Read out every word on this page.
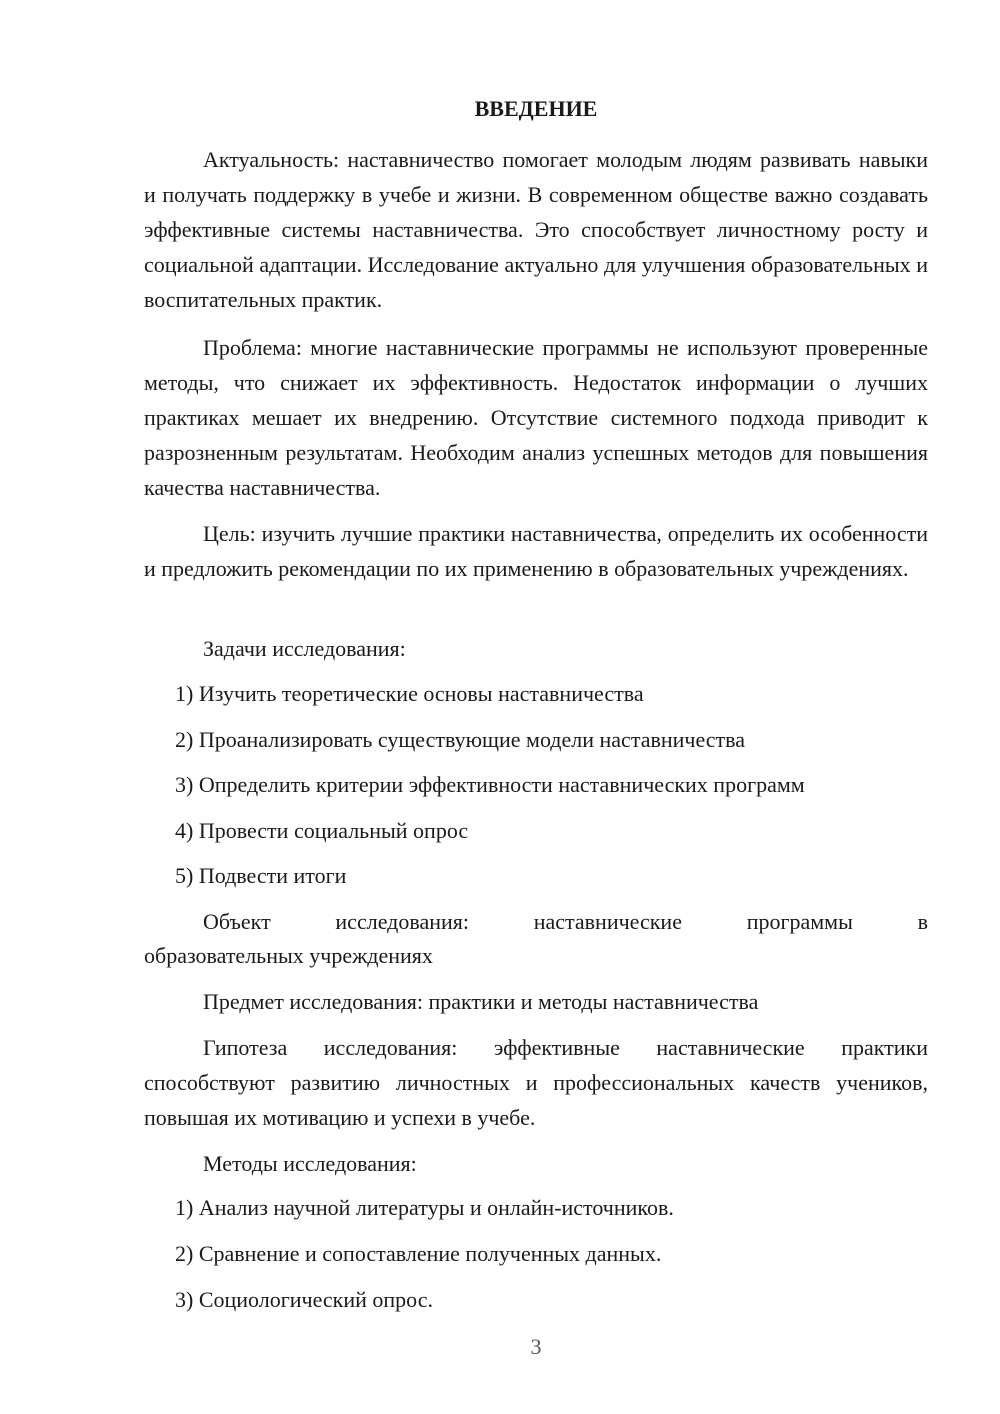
ВВЕДЕНИЕ

Актуальность: наставничество помогает молодым людям развивать навыки и получать поддержку в учебе и жизни. В современном обществе важно создавать эффективные системы наставничества. Это способствует личностному росту и социальной адаптации. Исследование актуально для улучшения образовательных и воспитательных практик.

Проблема: многие наставнические программы не используют проверенные методы, что снижает их эффективность. Недостаток информации о лучших практиках мешает их внедрению. Отсутствие системного подхода приводит к разрозненным результатам. Необходим анализ успешных методов для повышения качества наставничества.

Цель: изучить лучшие практики наставничества, определить их особенности и предложить рекомендации по их применению в образовательных учреждениях.

Задачи исследования:

1) Изучить теоретические основы наставничества

2) Проанализировать существующие модели наставничества

3) Определить критерии эффективности наставнических программ

4) Провести социальный опрос

5) Подвести итоги

Объект	исследования:	наставнические	программы	в

образовательных учреждениях

Предмет исследования: практики и методы наставничества

Гипотеза исследования: эффективные наставнические практики способствуют развитию личностных и профессиональных качеств учеников, повышая их мотивацию и успехи в учебе.

Методы исследования:

1) Анализ научной литературы и онлайн-источников.

2) Сравнение и сопоставление полученных данных.

3) Социологический опрос.

3
